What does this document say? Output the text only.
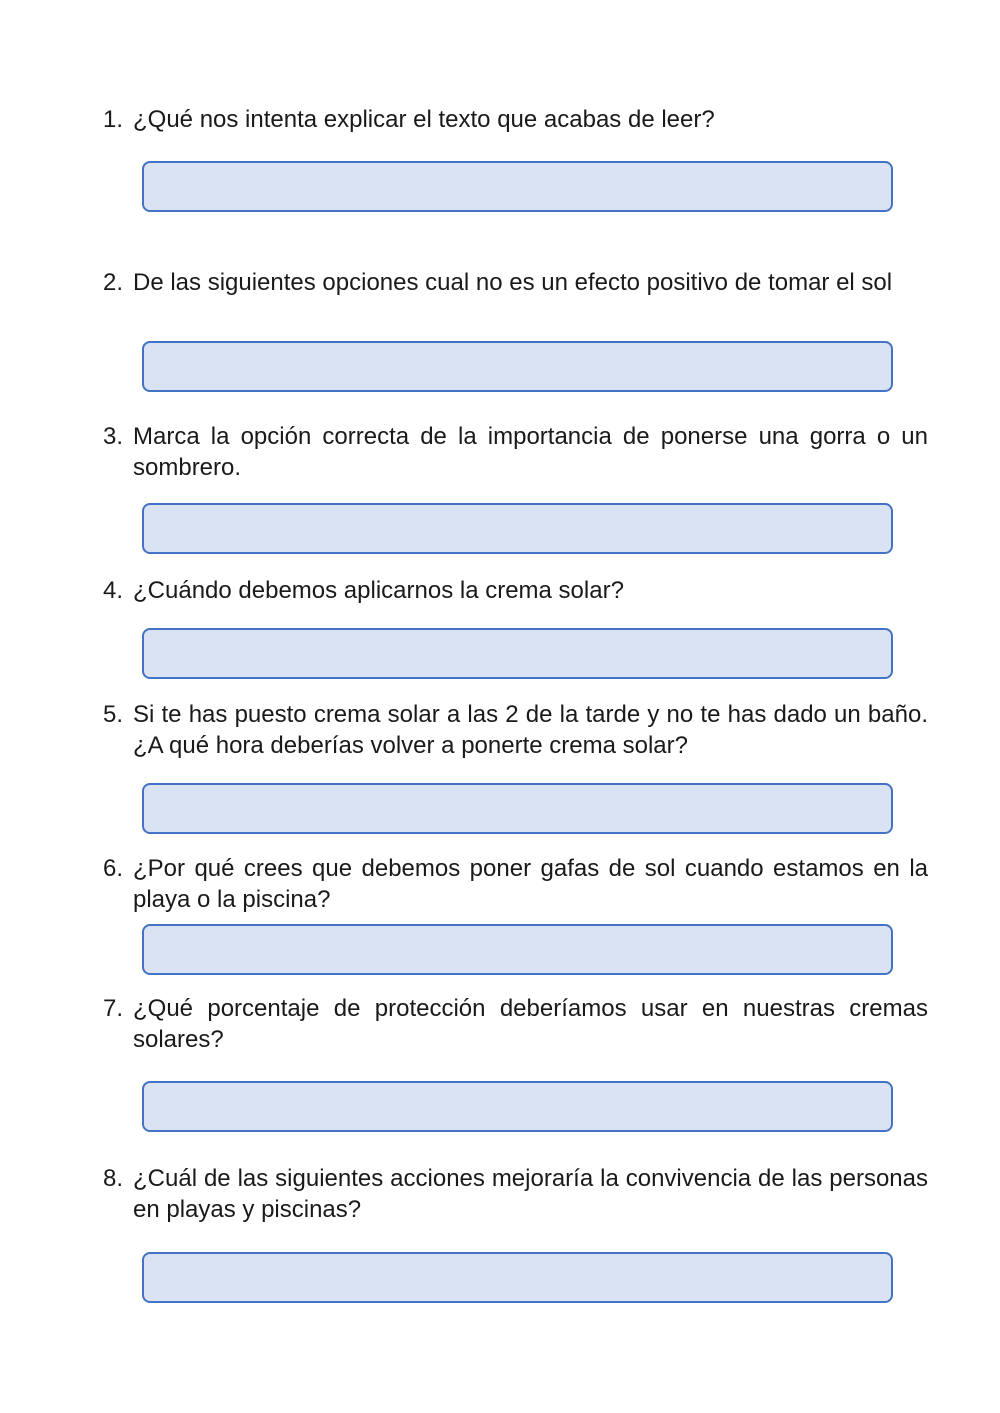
1. ¿Qué nos intenta explicar el texto que acabas de leer?
2. De las siguientes opciones cual no es un efecto positivo de tomar el sol
3. Marca la opción correcta de la importancia de ponerse una gorra o un sombrero.
4. ¿Cuándo debemos aplicarnos la crema solar?
5. Si te has puesto crema solar a las 2 de la tarde y no te has dado un baño. ¿A qué hora deberías volver a ponerte crema solar?
6. ¿Por qué crees que debemos poner gafas de sol cuando estamos en la playa o la piscina?
7. ¿Qué porcentaje de protección deberíamos usar en nuestras cremas solares?
8. ¿Cuál de las siguientes acciones mejoraría la convivencia de las personas en playas y piscinas?
